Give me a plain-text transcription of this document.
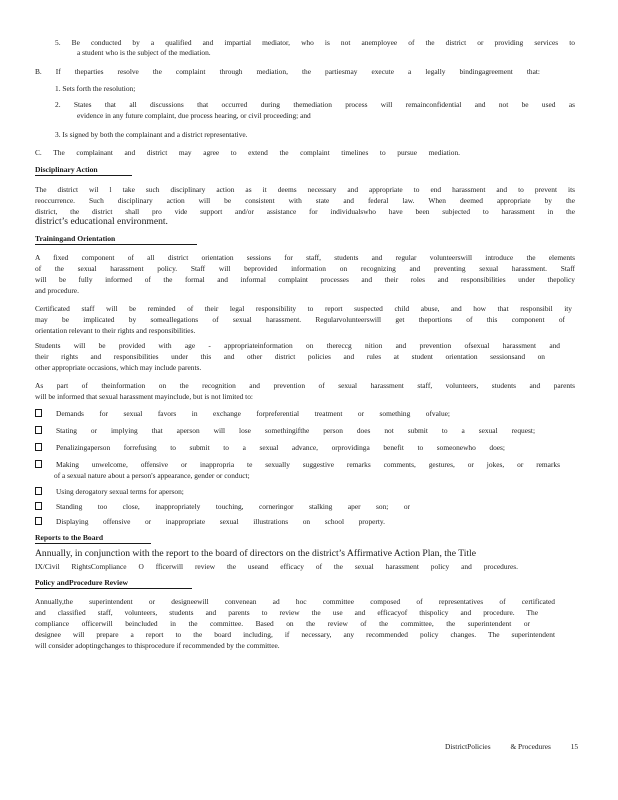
5. Be conducted by a qualified and impartial mediator, who is not anemployee of the district or providing services to
a student who is the subject of the mediation.
B. If theparties resolve the complaint through mediation, the partiesmay execute a legally bindingagreement that:
1. Sets forth the resolution;
2. States that all discussions that occurred during themediation process will remainconfidential and not be used as
evidence in any future complaint, due process hearing, or civil proceeding; and
3. Is signed by both the complainant and a district representative.
C. The complainant and district may agree to extend the complaint timelines to pursue mediation.
Disciplinary Action
The district wil l take such disciplinary action as it deems necessary and appropriate to end harassment and to prevent its
reoccurrence. Such disciplinary action will be consistent with state and federal law. When deemed appropriate by the
district, the district shall pro vide support and/or assistance for individualswho have been subjected to harassment in the
district’s educational environment.
Trainingand Orientation
A fixed component of all district orientation sessions for staff, students and regular volunteerswill introduce the elements
of the sexual harassment policy. Staff will beprovided information on recognizing and preventing sexual harassment. Staff
will be fully informed of the formal and informal complaint processes and their roles and responsibilities under thepolicy
and procedure.
Certificated staff will be reminded of their legal responsibility to report suspected child abuse, and how that responsibil ity
may be implicated by someallegations of sexual harassment. Regularvolunteerswill get theportions of this component of
orientation relevant to their rights and responsibilities.
Students will be provided with age - appropriateinformation on thereccg nition and prevention ofsexual harassment and
their rights and responsibilities under this and other district policies and rules at student orientation sessionsand on
other appropriate occasions, which may include parents.
As part of theinformation on the recognition and prevention of sexual harassment staff, volunteers, students and parents
will be informed that sexual harassment mayinclude, but is not limited to:
Demands for sexual favors in exchange forpreferential treatment or something ofvalue;
Stating or implying that aperson will lose somethingifthe person does not submit to a sexual request;
Penalizingaperson forrefusing to submit to a sexual advance, orprovidinga benefit to someonewho does;
Making unwelcome, offensive or inappropria te sexually suggestive remarks comments, gestures, or jokes, or remarks
of a sexual nature about a person's appearance, gender or conduct;
Using derogatory sexual terms for aperson;
Standing too close, inappropriately touching, corneringor stalking aper son; or
Displaying offensive or inappropriate sexual illustrations on school property.
Reports to the Board
Annually, in conjunction with the report to the board of directors on the district’s Affirmative Action Plan, the Title
IX/Civil RightsCompliance O fficerwill review the useand efficacy of the sexual harassment policy and procedures.
Policy andProcedure Review
Annually,the superintendent or designeewill convenean ad hoc committee composed of representatives of certificated
and classified staff, volunteers, students and parents to review the use and efficacyof thispolicy and procedure. The
compliance officerwill beincluded in the committee. Based on the review of the committee, the superintendent or
designee will prepare a report to the board including, if necessary, any recommended policy changes. The superintendent
will consider adoptingchanges to thisprocedure if recommended by the committee.
DistrictPolicies	& Procedures	15
